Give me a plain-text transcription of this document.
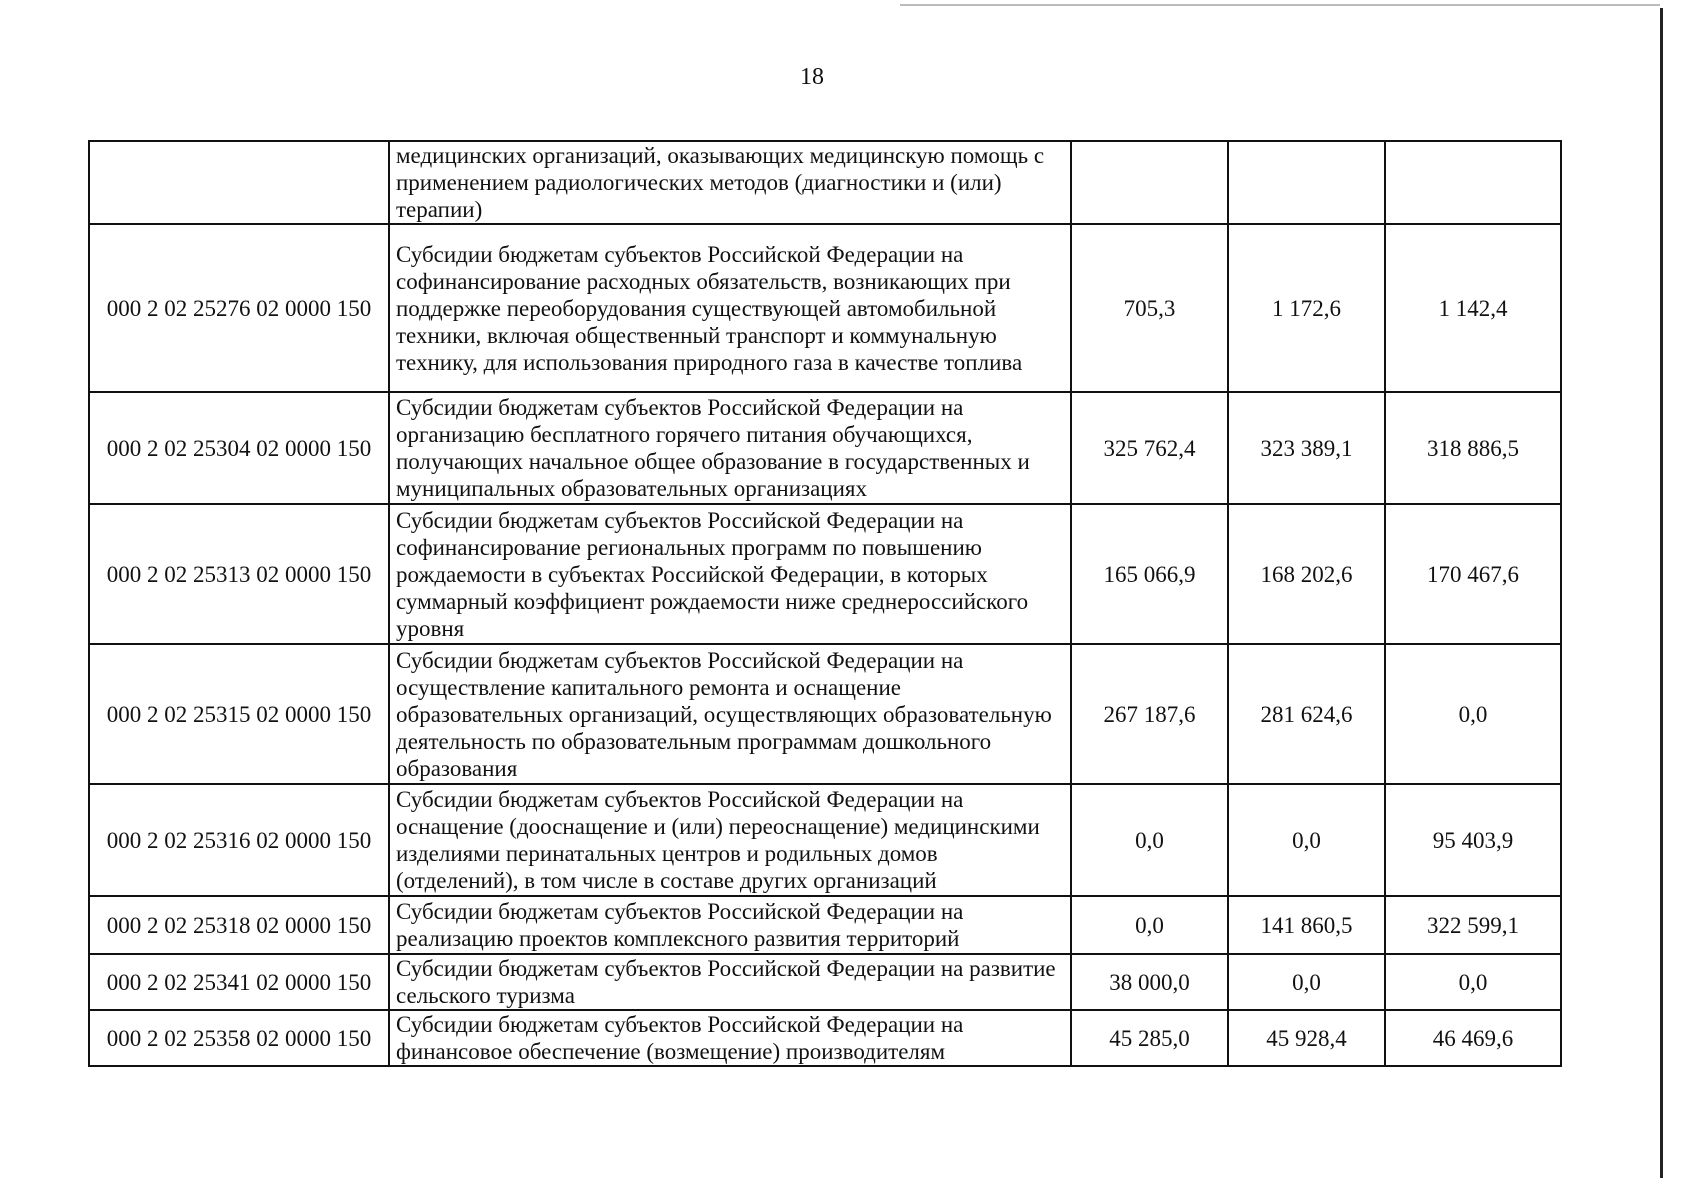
18
	медицинских организаций, оказывающих медицинскую помощь с применением радиологических методов (диагностики и (или) терапии)			
000 2 02 25276 02 0000 150	Субсидии бюджетам субъектов Российской Федерации на софинансирование расходных обязательств, возникающих при поддержке переоборудования существующей автомобильной техники, включая общественный транспорт и коммунальную технику, для использования природного газа в качестве топлива	705,3	1 172,6	1 142,4
000 2 02 25304 02 0000 150	Субсидии бюджетам субъектов Российской Федерации на организацию бесплатного горячего питания обучающихся, получающих начальное общее образование в государственных и муниципальных образовательных организациях	325 762,4	323 389,1	318 886,5
000 2 02 25313 02 0000 150	Субсидии бюджетам субъектов Российской Федерации на софинансирование региональных программ по повышению рождаемости в субъектах Российской Федерации, в которых суммарный коэффициент рождаемости ниже среднероссийского уровня	165 066,9	168 202,6	170 467,6
000 2 02 25315 02 0000 150	Субсидии бюджетам субъектов Российской Федерации на осуществление капитального ремонта и оснащение образовательных организаций, осуществляющих образовательную деятельность по образовательным программам дошкольного образования	267 187,6	281 624,6	0,0
000 2 02 25316 02 0000 150	Субсидии бюджетам субъектов Российской Федерации на оснащение (дооснащение и (или) переоснащение) медицинскими изделиями перинатальных центров и родильных домов (отделений), в том числе в составе других организаций	0,0	0,0	95 403,9
000 2 02 25318 02 0000 150	Субсидии бюджетам субъектов Российской Федерации на реализацию проектов комплексного развития территорий	0,0	141 860,5	322 599,1
000 2 02 25341 02 0000 150	Субсидии бюджетам субъектов Российской Федерации на развитие сельского туризма	38 000,0	0,0	0,0
000 2 02 25358 02 0000 150	Субсидии бюджетам субъектов Российской Федерации на финансовое обеспечение (возмещение) производителям	45 285,0	45 928,4	46 469,6
